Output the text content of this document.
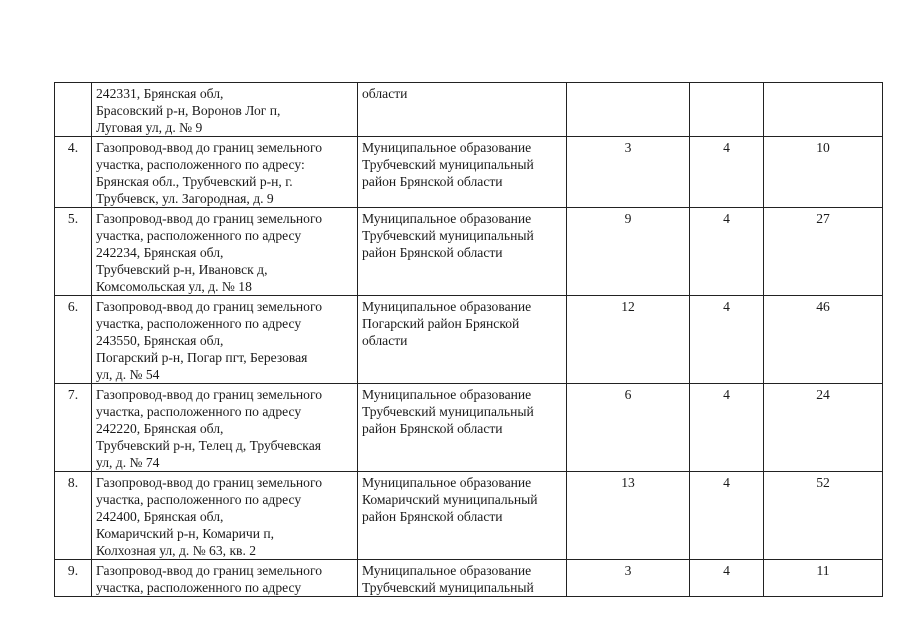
	242331, Брянская обл,
Брасовский р-н, Воронов Лог п,
Луговая ул, д. № 9	области			

4.	Газопровод-ввод до границ земельного
участка, расположенного по адресу:
Брянская обл., Трубчевский р-н, г.
Трубчевск, ул. Загородная, д. 9	Муниципальное образование
Трубчевский муниципальный
район Брянской области	3	4	10
5.	Газопровод-ввод до границ земельного
участка, расположенного по адресу
242234, Брянская обл,
Трубчевский р-н, Ивановск д,
Комсомольская ул, д. № 18	Муниципальное образование
Трубчевский муниципальный
район Брянской области	9	4	27
6.	Газопровод-ввод до границ земельного
участка, расположенного по адресу
243550, Брянская обл,
Погарский р-н, Погар пгт, Березовая
ул, д. № 54	Муниципальное образование
Погарский район Брянской
области	12	4	46
7.	Газопровод-ввод до границ земельного
участка, расположенного по адресу
242220, Брянская обл,
Трубчевский р-н, Телец д, Трубчевская
ул, д. № 74	Муниципальное образование
Трубчевский муниципальный
район Брянской области	6	4	24
8.	Газопровод-ввод до границ земельного
участка, расположенного по адресу
242400, Брянская обл,
Комаричский р-н, Комаричи п,
Колхозная ул, д. № 63, кв. 2	Муниципальное образование
Комаричский муниципальный
район Брянской области	13	4	52
9.	Газопровод-ввод до границ земельного
участка, расположенного по адресу	Муниципальное образование
Трубчевский муниципальный	3	4	11
